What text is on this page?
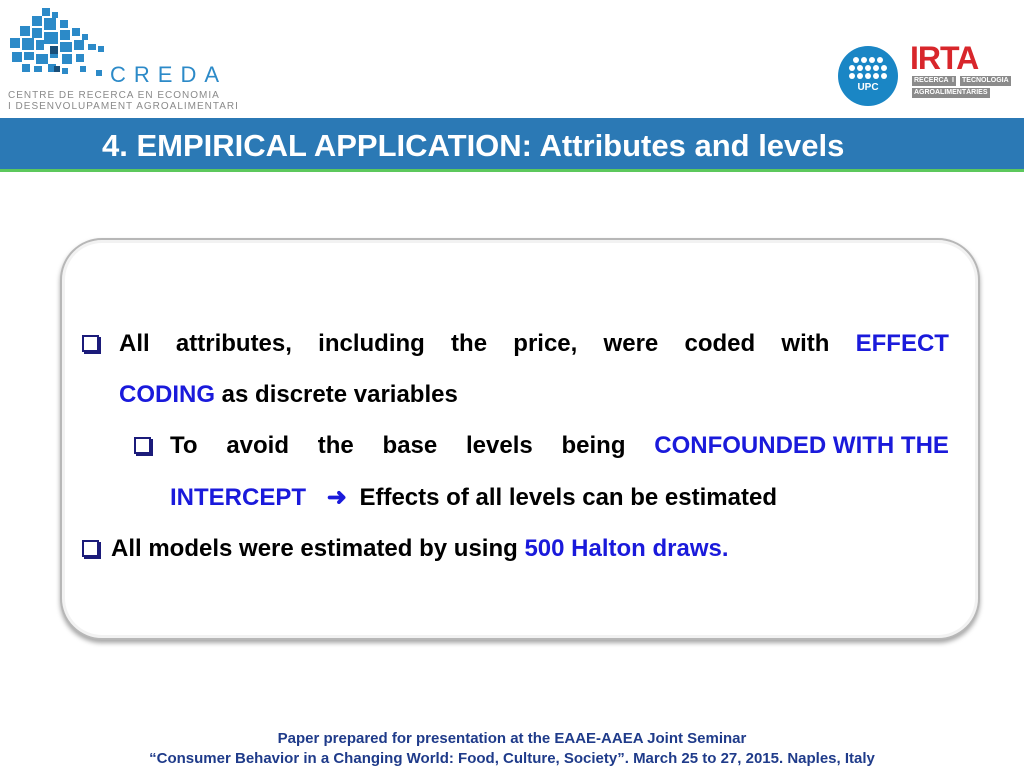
CREDA
CENTRE DE RECERCA EN ECONOMIA
I DESENVOLUPAMENT AGROALIMENTARI
UPC
IRTA
RECERCA I TECNOLOGIA
AGROALIMENTÀRIES
4. EMPIRICAL APPLICATION: Attributes and levels
All attributes, including the price, were coded with EFFECT
CODING as discrete variables
To avoid the base levels being CONFOUNDED WITH THE
INTERCEPT ➜ Effects of all levels can be estimated
All models were estimated by using 500 Halton draws.
Paper prepared for presentation at the EAAE-AAEA Joint Seminar
“Consumer Behavior in a Changing World: Food, Culture, Society”. March 25 to 27, 2015. Naples, Italy
